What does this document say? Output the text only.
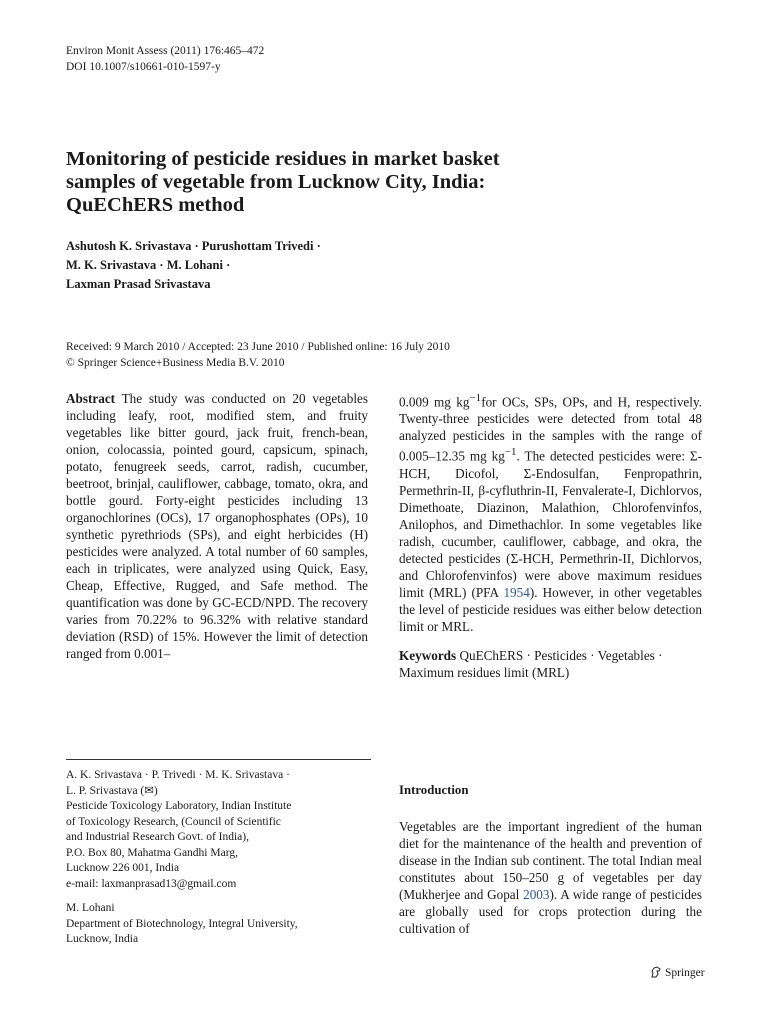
Environ Monit Assess (2011) 176:465–472
DOI 10.1007/s10661-010-1597-y
Monitoring of pesticide residues in market basket
samples of vegetable from Lucknow City, India:
QuEChERS method
Ashutosh K. Srivastava · Purushottam Trivedi ·
M. K. Srivastava · M. Lohani ·
Laxman Prasad Srivastava
Received: 9 March 2010 / Accepted: 23 June 2010 / Published online: 16 July 2010
© Springer Science+Business Media B.V. 2010
Abstract The study was conducted on 20 vegetables including leafy, root, modified stem, and fruity vegetables like bitter gourd, jack fruit, french-bean, onion, colocassia, pointed gourd, capsicum, spinach, potato, fenugreek seeds, carrot, radish, cucumber, beetroot, brinjal, cauliflower, cabbage, tomato, okra, and bottle gourd. Forty-eight pesticides including 13 organochlorines (OCs), 17 organophosphates (OPs), 10 synthetic pyrethriods (SPs), and eight herbicides (H) pesticides were analyzed. A total number of 60 samples, each in triplicates, were analyzed using Quick, Easy, Cheap, Effective, Rugged, and Safe method. The quantification was done by GC-ECD/NPD. The recovery varies from 70.22% to 96.32% with relative standard deviation (RSD) of 15%. However the limit of detection ranged from 0.001–
0.009 mg $kg^{-1}for$ OCs, SPs, OPs, and H, respectively. Twenty-three pesticides were detected from total 48 analyzed pesticides in the samples with the range of 0.005–12.35 mg $kg^{-1}$. The detected pesticides were: Σ-HCH, Dicofol, Σ-Endosulfan, Fenpropathrin, Permethrin-II, β-cyfluthrin-II, Fenvalerate-I, Dichlorvos, Dimethoate, Diazinon, Malathion, Chlorofenvinfos, Anilophos, and Dimethachlor. In some vegetables like radish, cucumber, cauliflower, cabbage, and okra, the detected pesticides (Σ-HCH, Permethrin-II, Dichlorvos, and Chlorofenvinfos) were above maximum residues limit (MRL) (PFA 1954). However, in other vegetables the level of pesticide residues was either below detection limit or MRL.
Keywords QuEChERS · Pesticides · Vegetables · Maximum residues limit (MRL)

A. K. Srivastava · P. Trivedi · M. K. Srivastava ·

L. P. Srivastava (✉)

Pesticide Toxicology Laboratory, Indian Institute

of Toxicology Research, (Council of Scientific

and Industrial Research Govt. of India),

P.O. Box 80, Mahatma Gandhi Marg,

Lucknow 226 001, India

e-mail: laxmanprasad13@gmail.com

M. Lohani

Department of Biotechnology, Integral University,

Lucknow, India

Introduction
Vegetables are the important ingredient of the human diet for the maintenance of the health and prevention of disease in the Indian sub continent. The total Indian meal constitutes about 150–250 g of vegetables per day (Mukherjee and Gopal 2003). A wide range of pesticides are globally used for crops protection during the cultivation of
Springer
